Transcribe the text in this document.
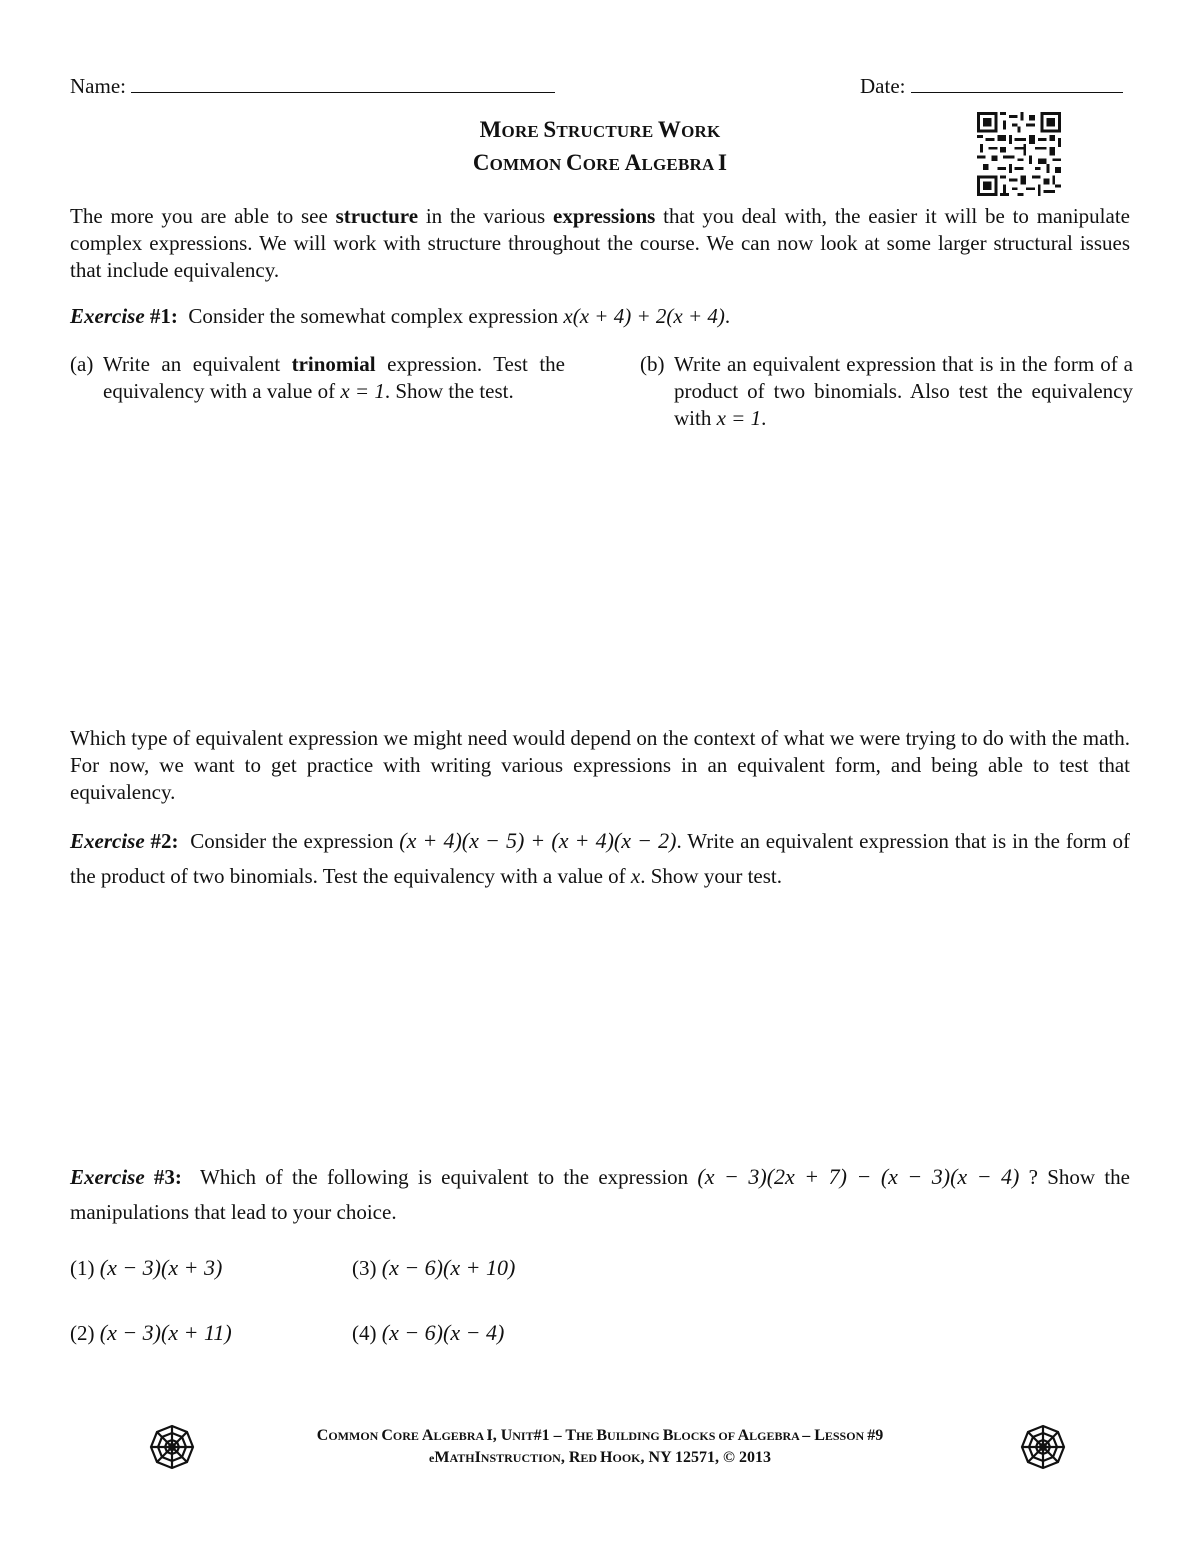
Name:	Date:
MORE STRUCTURE WORK
COMMON CORE ALGEBRA I
The more you are able to see structure in the various expressions that you deal with, the easier it will be to manipulate complex expressions. We will work with structure throughout the course. We can now look at some larger structural issues that include equivalency.
Exercise #1: Consider the somewhat complex expression x(x + 4) + 2(x + 4).
(a) Write an equivalent trinomial expression. Test the equivalency with a value of x = 1. Show the test.
(b) Write an equivalent expression that is in the form of a product of two binomials. Also test the equivalency with x = 1.
Which type of equivalent expression we might need would depend on the context of what we were trying to do with the math. For now, we want to get practice with writing various expressions in an equivalent form, and being able to test that equivalency.
Exercise #2: Consider the expression (x + 4)(x − 5) + (x + 4)(x − 2). Write an equivalent expression that is in the form of the product of two binomials. Test the equivalency with a value of x. Show your test.
Exercise #3: Which of the following is equivalent to the expression (x − 3)(2x + 7) − (x − 3)(x − 4) ? Show the manipulations that lead to your choice.
(1) (x − 3)(x + 3)	(3) (x − 6)(x + 10)
(2) (x − 3)(x + 11)	(4) (x − 6)(x − 4)
COMMON CORE ALGEBRA I, UNIT#1 – THE BUILDING BLOCKS OF ALGEBRA – LESSON #9
eMATHINSTRUCTION, RED HOOK, NY 12571, © 2013
